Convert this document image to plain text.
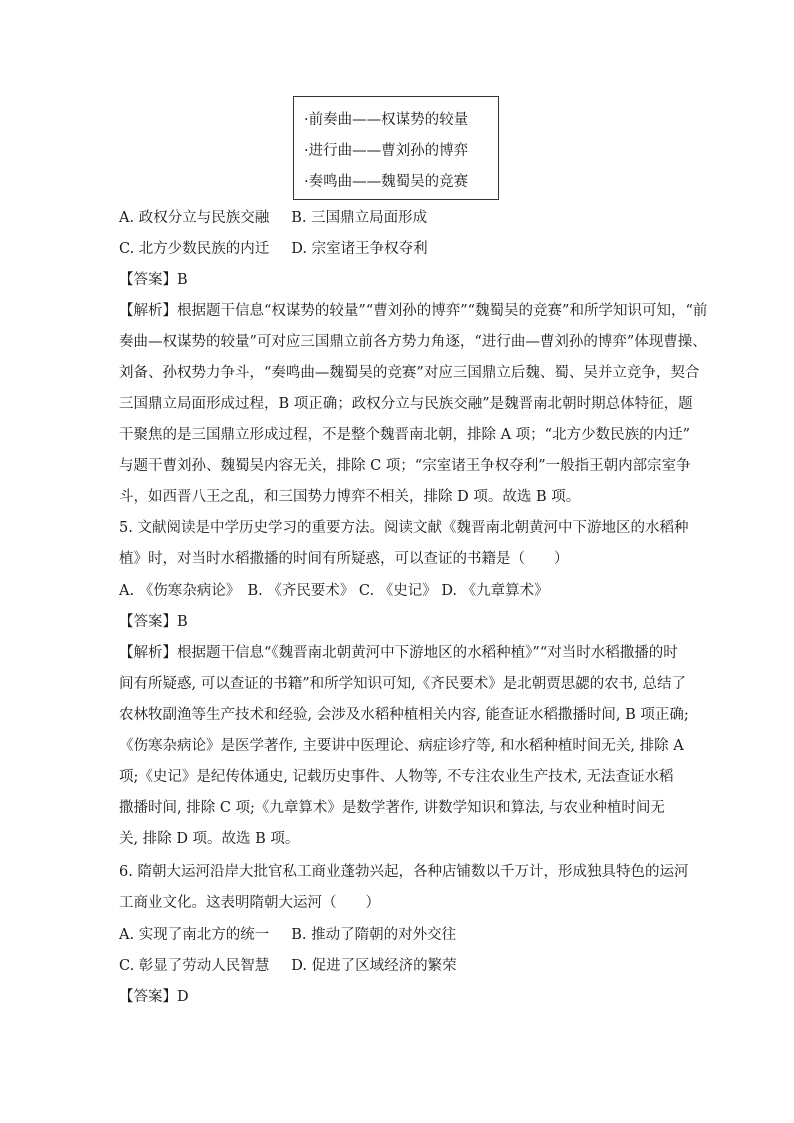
·前奏曲——权谋势的较量
·进行曲——曹刘孙的博弈
·奏鸣曲——魏蜀吴的竞赛
A. 政权分立与民族交融 B. 三国鼎立局面形成
C. 北方少数民族的内迁 D. 宗室诸王争权夺利
【答案】B
【解析】根据题干信息“权谋势的较量”“曹刘孙的博弈”“魏蜀吴的竞赛”和所学知识可知，“前
奏曲—权谋势的较量”可对应三国鼎立前各方势力角逐，“进行曲—曹刘孙的博弈”体现曹操、
刘备、孙权势力争斗，“奏鸣曲—魏蜀吴的竞赛”对应三国鼎立后魏、蜀、吴并立竞争，契合
三国鼎立局面形成过程，B 项正确；政权分立与民族交融”是魏晋南北朝时期总体特征，题
干聚焦的是三国鼎立形成过程，不是整个魏晋南北朝，排除 A 项；“北方少数民族的内迁”
与题干曹刘孙、魏蜀吴内容无关，排除 C 项；“宗室诸王争权夺利”一般指王朝内部宗室争
斗，如西晋八王之乱，和三国势力博弈不相关，排除 D 项。故选 B 项。
5. 文献阅读是中学历史学习的重要方法。阅读文献《魏晋南北朝黄河中下游地区的水稻种
植》时，对当时水稻撒播的时间有所疑惑，可以查证的书籍是（　　）
A. 《伤寒杂病论》　B. 《齐民要术》 C. 《史记》 D. 《九章算术》
【答案】B
【解析】根据题干信息“《魏晋南北朝黄河中下游地区的水稻种植》”“对当时水稻撒播的时
间有所疑惑, 可以查证的书籍”和所学知识可知,《齐民要术》是北朝贾思勰的农书, 总结了
农林牧副渔等生产技术和经验, 会涉及水稻种植相关内容, 能查证水稻撒播时间, B 项正确;
《伤寒杂病论》是医学著作, 主要讲中医理论、病症诊疗等, 和水稻种植时间无关, 排除 A
项;《史记》是纪传体通史, 记载历史事件、人物等, 不专注农业生产技术, 无法查证水稻
撒播时间, 排除 C 项;《九章算术》是数学著作, 讲数学知识和算法, 与农业种植时间无
关, 排除 D 项。故选 B 项。
6. 隋朝大运河沿岸大批官私工商业蓬勃兴起，各种店铺数以千万计，形成独具特色的运河
工商业文化。这表明隋朝大运河（　　）
A. 实现了南北方的统一 B. 推动了隋朝的对外交往
C. 彰显了劳动人民智慧 D. 促进了区域经济的繁荣
【答案】D
